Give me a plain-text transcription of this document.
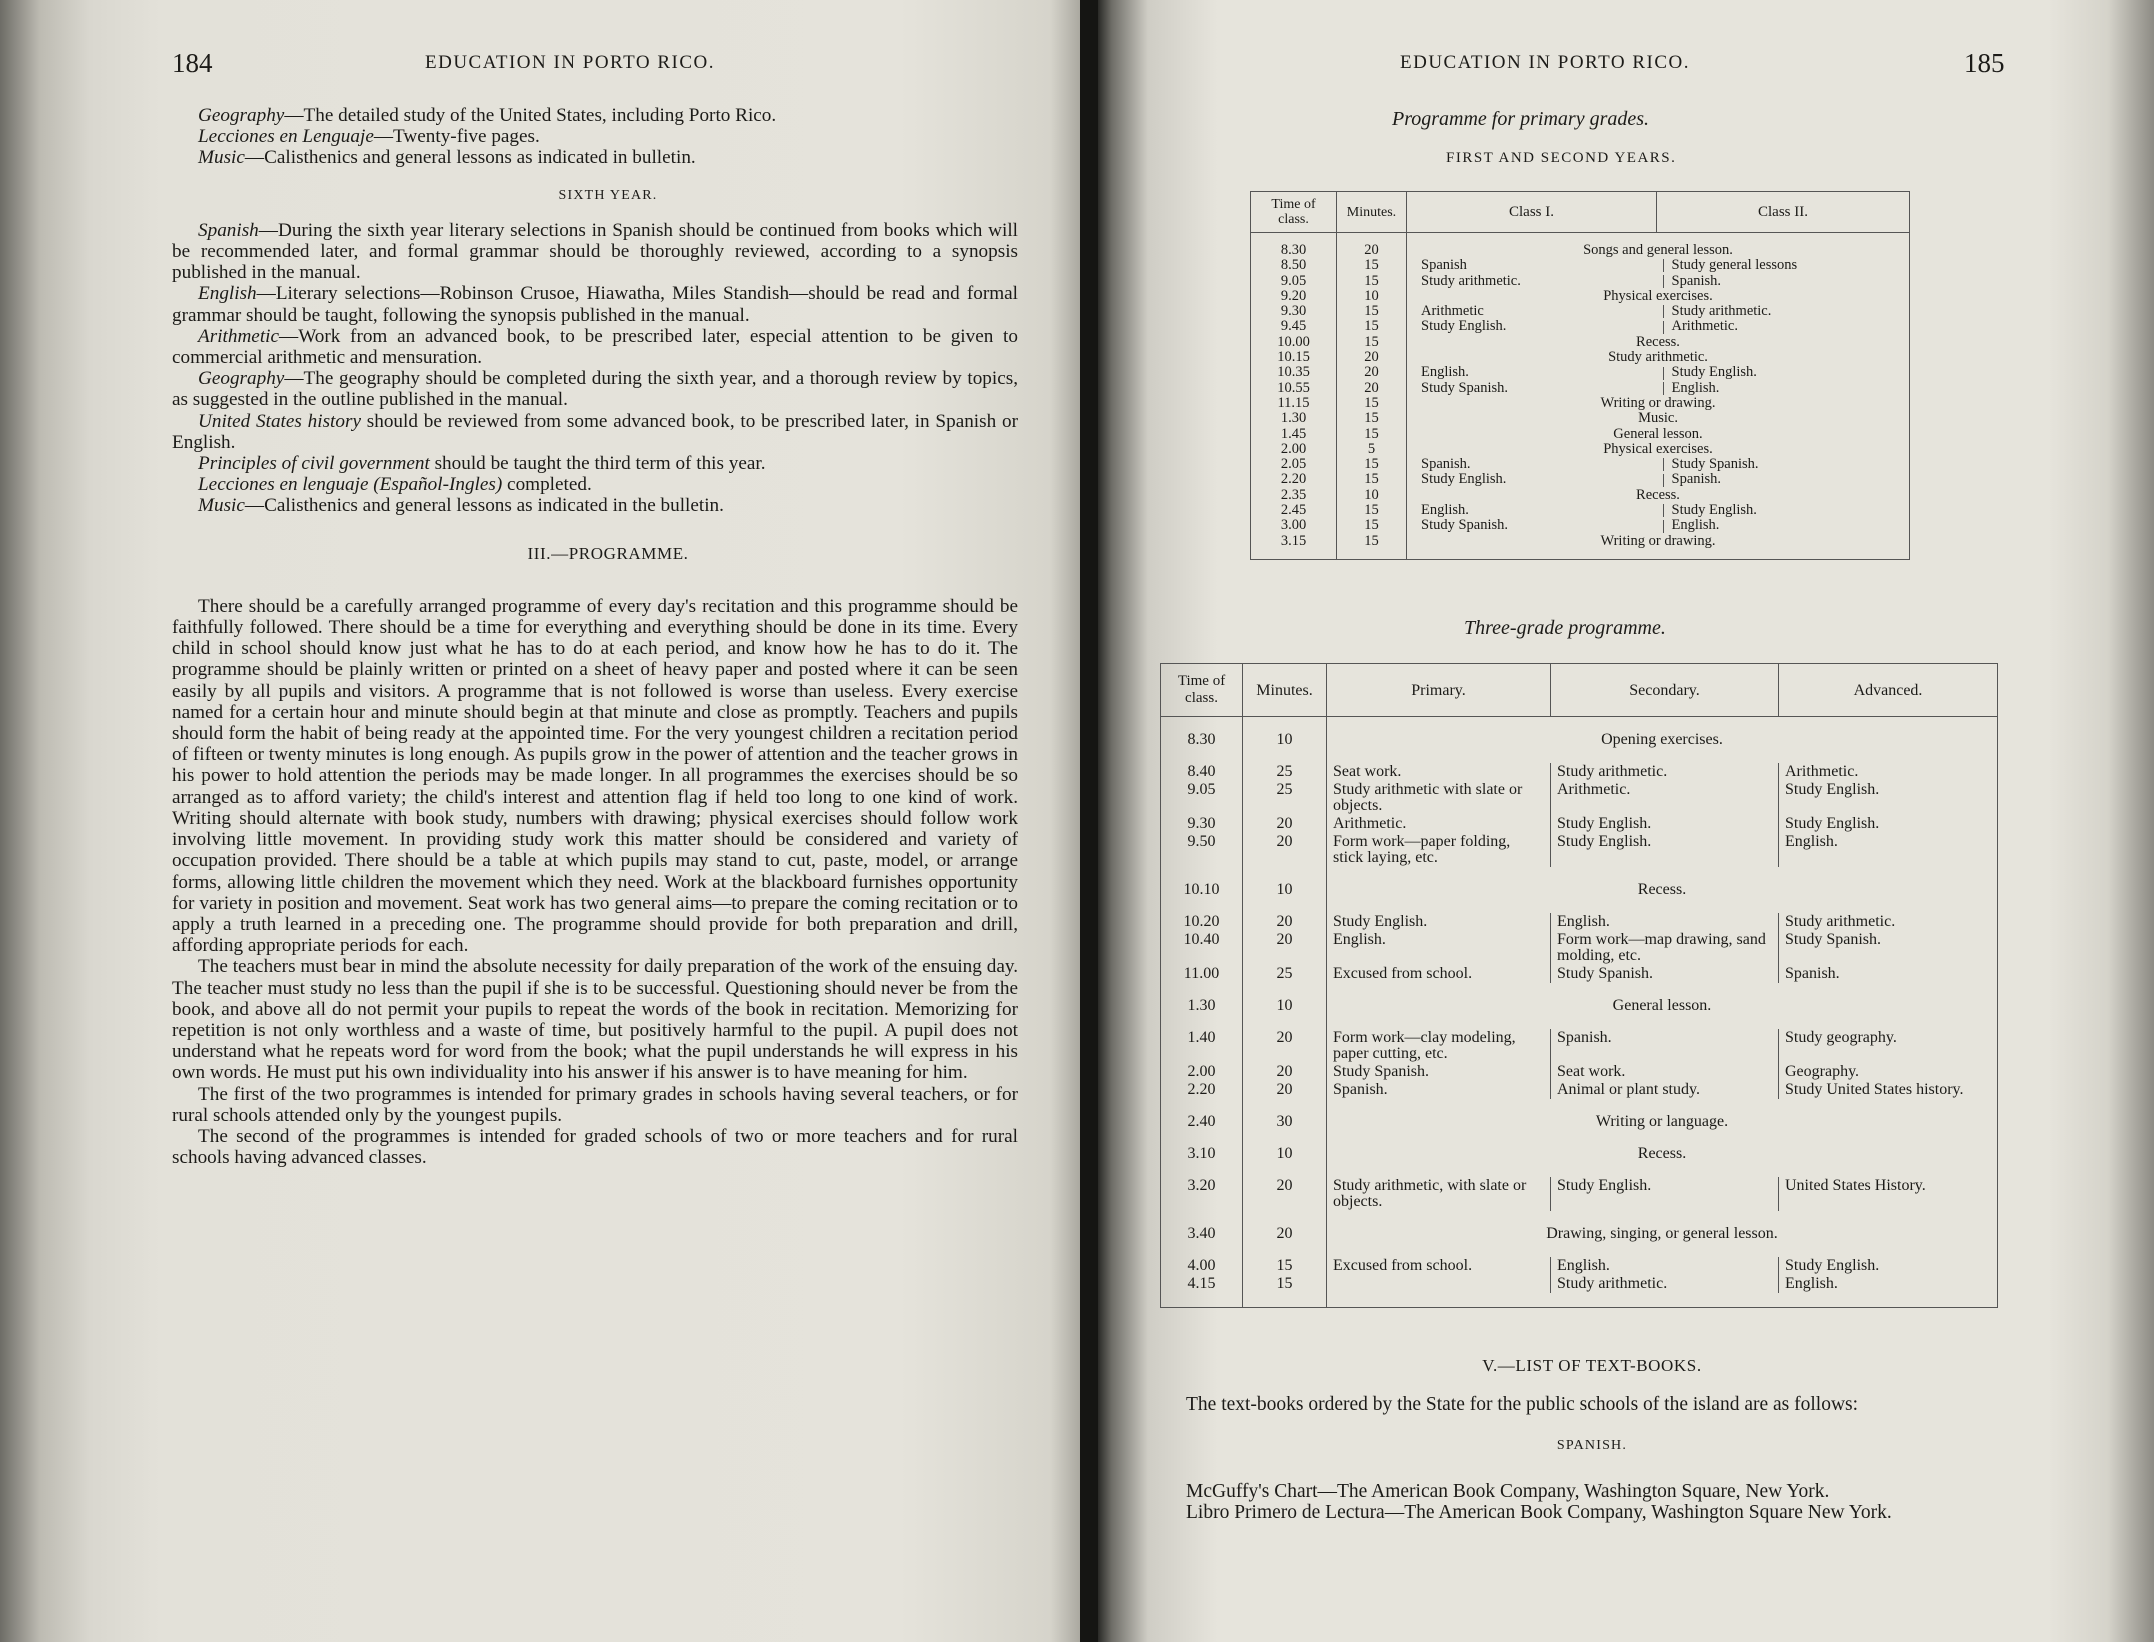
184	EDUCATION IN PORTO RICO.

Geography—The detailed study of the United States, including Porto Rico.

Lecciones en Lenguaje—Twenty-five pages.

Music—Calisthenics and general lessons as indicated in bulletin.

SIXTH YEAR.

Spanish—During the sixth year literary selections in Spanish should be continued from books which will be recommended later, and formal grammar should be thoroughly reviewed, according to a synopsis published in the manual.

English—Literary selections—Robinson Crusoe, Hiawatha, Miles Standish—should be read and formal grammar should be taught, following the synopsis published in the manual.

Arithmetic—Work from an advanced book, to be prescribed later, especial attention to be given to commercial arithmetic and mensuration.

Geography—The geography should be completed during the sixth year, and a thorough review by topics, as suggested in the outline published in the manual.

United States history should be reviewed from some advanced book, to be prescribed later, in Spanish or English.

Principles of civil government should be taught the third term of this year.

Lecciones en lenguaje (Español-Ingles) completed.

Music—Calisthenics and general lessons as indicated in the bulletin.

III.—PROGRAMME.

There should be a carefully arranged programme of every day's recitation and this programme should be faithfully followed. There should be a time for everything and everything should be done in its time. Every child in school should know just what he has to do at each period, and know how he has to do it. The programme should be plainly written or printed on a sheet of heavy paper and posted where it can be seen easily by all pupils and visitors. A programme that is not followed is worse than useless. Every exercise named for a certain hour and minute should begin at that minute and close as promptly. Teachers and pupils should form the habit of being ready at the appointed time. For the very youngest children a recitation period of fifteen or twenty minutes is long enough. As pupils grow in the power of attention and the teacher grows in his power to hold attention the periods may be made longer. In all programmes the exercises should be so arranged as to afford variety; the child's interest and attention flag if held too long to one kind of work. Writing should alternate with book study, numbers with drawing; physical exercises should follow work involving little movement. In providing study work this matter should be considered and variety of occupation provided. There should be a table at which pupils may stand to cut, paste, model, or arrange forms, allowing little children the movement which they need. Work at the blackboard furnishes opportunity for variety in position and movement. Seat work has two general aims—to prepare the coming recitation or to apply a truth learned in a preceding one. The programme should provide for both preparation and drill, affording appropriate periods for each.

The teachers must bear in mind the absolute necessity for daily preparation of the work of the ensuing day. The teacher must study no less than the pupil if she is to be successful. Questioning should never be from the book, and above all do not permit your pupils to repeat the words of the book in recitation. Memorizing for repetition is not only worthless and a waste of time, but positively harmful to the pupil. A pupil does not understand what he repeats word for word from the book; what the pupil understands he will express in his own words. He must put his own individuality into his answer if his answer is to have meaning for him.

The first of the two programmes is intended for primary grades in schools having several teachers, or for rural schools attended only by the youngest pupils.

The second of the programmes is intended for graded schools of two or more teachers and for rural schools having advanced classes.

EDUCATION IN PORTO RICO.	185
Programme for primary grades.
FIRST AND SECOND YEARS.
Time of class.	Minutes.	Class I.	Class II.

8.30	20	Songs and general lesson.	
8.50	15	Spanish	Study general lessons
9.05	15	Study arithmetic.	Spanish.
9.20	10	Physical exercises.	
9.30	15	Arithmetic	Study arithmetic.
9.45	15	Study English.	Arithmetic.
10.00	15	Recess.	
10.15	20	Study arithmetic.	
10.35	20	English.	Study English.
10.55	20	Study Spanish.	English.
11.15	15	Writing or drawing.	
1.30	15	Music.	
1.45	15	General lesson.	
2.00	5	Physical exercises.	
2.05	15	Spanish.	Study Spanish.
2.20	15	Study English.	Spanish.
2.35	10	Recess.	
2.45	15	English.	Study English.
3.00	15	Study Spanish.	English.
3.15	15	Writing or drawing.	

Three-grade programme.
Time of class.	Minutes.	Primary.	Secondary.	Advanced.

8.30	10	Opening exercises.		

8.40	25	Seat work.	Study arithmetic.	Arithmetic.
9.05	25	Study arithmetic with slate or objects.	Arithmetic.	Study English.
9.30	20	Arithmetic.	Study English.	Study English.
9.50	20	Form work—paper folding, stick laying, etc.	Study English.	English.

10.10	10	Recess.		

10.20	20	Study English.	English.	Study arithmetic.
10.40	20	English.	Form work—map drawing, sand molding, etc.	Study Spanish.
11.00	25	Excused from school.	Study Spanish.	Spanish.

1.30	10	General lesson.		

1.40	20	Form work—clay modeling, paper cutting, etc.	Spanish.	Study geography.
2.00	20	Study Spanish.	Seat work.	Geography.
2.20	20	Spanish.	Animal or plant study.	Study United States history.

2.40	30	Writing or language.		

3.10	10	Recess.		

3.20	20	Study arithmetic, with slate or objects.	Study English.	United States History.

3.40	20	Drawing, singing, or general lesson.		

4.00	15	Excused from school.	English.	Study English.
4.15	15		Study arithmetic.	English.

V.—LIST OF TEXT-BOOKS.

The text-books ordered by the State for the public schools of the island are as follows:

SPANISH.

McGuffy's Chart—The American Book Company, Washington Square, New York.

Libro Primero de Lectura—The American Book Company, Washington Square New York.
